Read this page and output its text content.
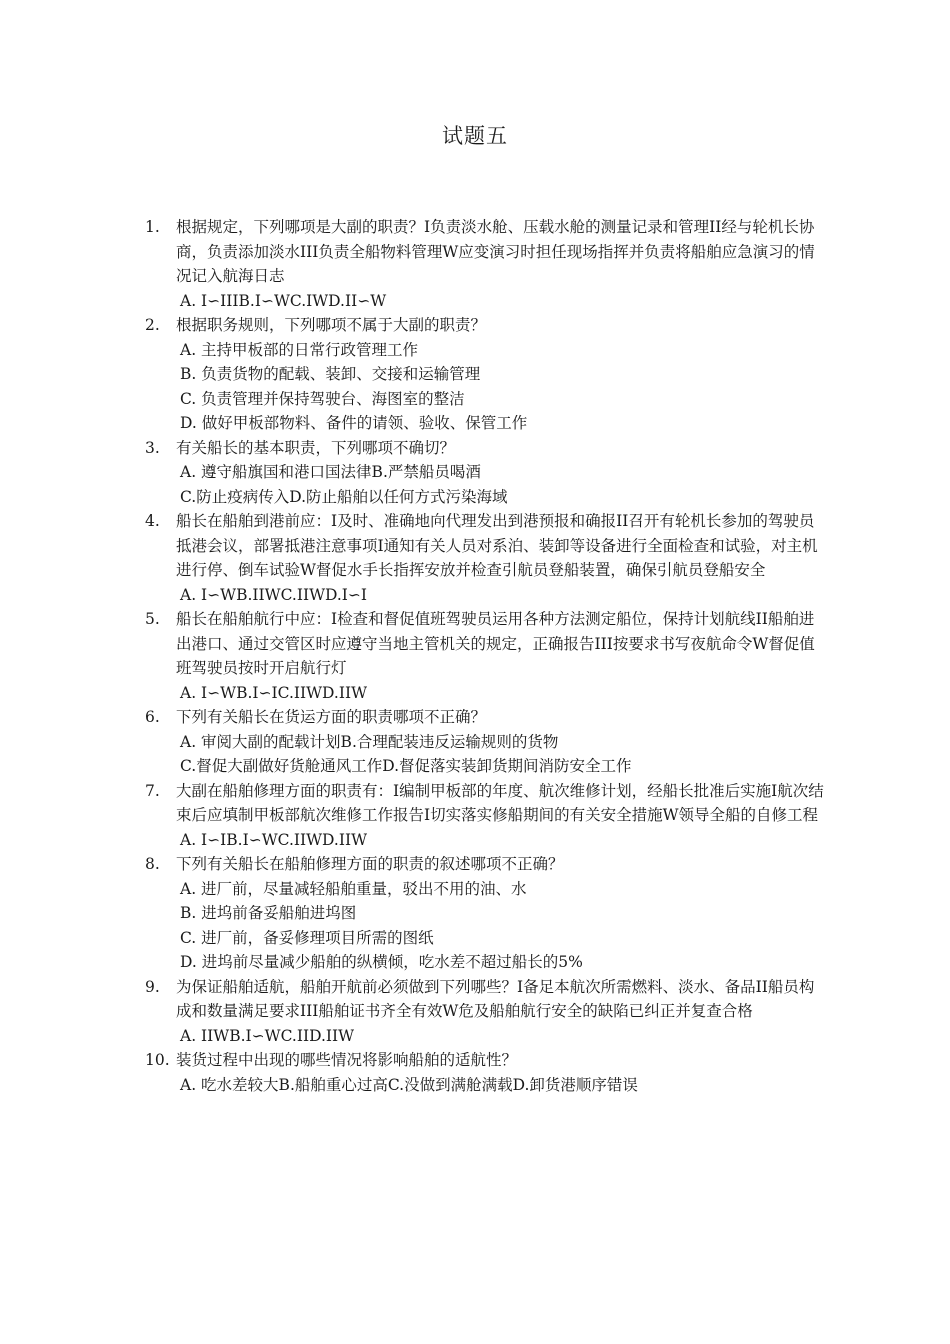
试题五
1. 根据规定，下列哪项是大副的职责？I负责淡水舱、压载水舱的测量记录和管理II经与轮机长协商，负责添加淡水III负责全船物料管理W应变演习时担任现场指挥并负责将船舶应急演习的情况记入航海日志
A. I∽IIIB.I∽WC.IWD.II∽W
2. 根据职务规则，下列哪项不属于大副的职责？
A. 主持甲板部的日常行政管理工作
B. 负责货物的配载、装卸、交接和运输管理
C. 负责管理并保持驾驶台、海图室的整洁
D. 做好甲板部物料、备件的请领、验收、保管工作
3. 有关船长的基本职责，下列哪项不确切？
A. 遵守船旗国和港口国法律B.严禁船员喝酒
C.防止疫病传入D.防止船舶以任何方式污染海域
4. 船长在船舶到港前应：I及时、准确地向代理发出到港预报和确报II召开有轮机长参加的驾驶员抵港会议，部署抵港注意事项I通知有关人员对系泊、装卸等设备进行全面检查和试验，对主机进行停、倒车试验W督促水手长指挥安放并检查引航员登船装置，确保引航员登船安全
A. I∽WB.IIWC.IIWD.I∽I
5. 船长在船舶航行中应：I检查和督促值班驾驶员运用各种方法测定船位，保持计划航线II船舶进出港口、通过交管区时应遵守当地主管机关的规定，正确报告III按要求书写夜航命令W督促值班驾驶员按时开启航行灯
A. I∽WB.I∽IC.IIWD.IIW
6. 下列有关船长在货运方面的职责哪项不正确？
A. 审阅大副的配载计划B.合理配装违反运输规则的货物
C.督促大副做好货舱通风工作D.督促落实装卸货期间消防安全工作
7. 大副在船舶修理方面的职责有：I编制甲板部的年度、航次维修计划，经船长批准后实施I航次结束后应填制甲板部航次维修工作报告I切实落实修船期间的有关安全措施W领导全船的自修工程
A. I∽IB.I∽WC.IIWD.IIW
8. 下列有关船长在船舶修理方面的职责的叙述哪项不正确？
A. 进厂前，尽量减轻船舶重量，驳出不用的油、水
B. 进坞前备妥船舶进坞图
C. 进厂前，备妥修理项目所需的图纸
D. 进坞前尽量减少船舶的纵横倾，吃水差不超过船长的5%
9. 为保证船舶适航，船舶开航前必须做到下列哪些？I备足本航次所需燃料、淡水、备品II船员构成和数量满足要求III船舶证书齐全有效W危及船舶航行安全的缺陷已纠正并复查合格
A. IIWB.I∽WC.IID.IIW
10. 装货过程中出现的哪些情况将影响船舶的适航性？
A. 吃水差较大B.船舶重心过高C.没做到满舱满载D.卸货港顺序错误
